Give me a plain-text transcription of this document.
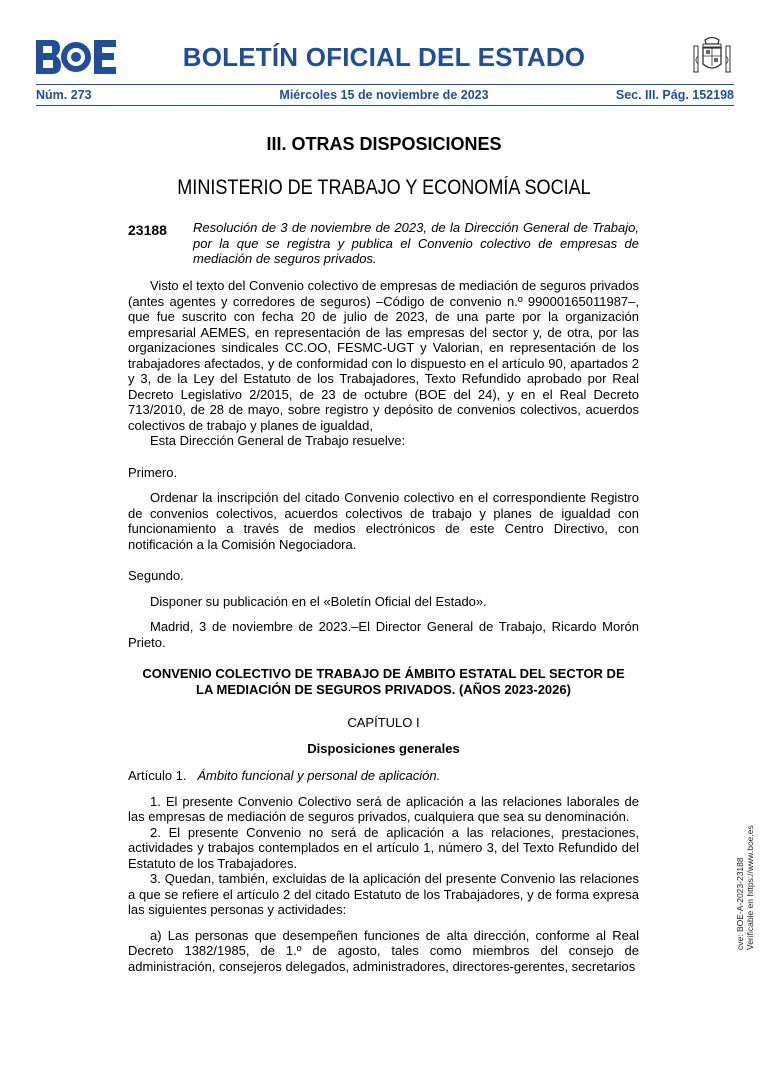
BOLETÍN OFICIAL DEL ESTADO
Núm. 273	Miércoles 15 de noviembre de 2023	Sec. III. Pág. 152198
III. OTRAS DISPOSICIONES
MINISTERIO DE TRABAJO Y ECONOMÍA SOCIAL
23188 Resolución de 3 de noviembre de 2023, de la Dirección General de Trabajo, por la que se registra y publica el Convenio colectivo de empresas de mediación de seguros privados.

Visto el texto del Convenio colectivo de empresas de mediación de seguros privados (antes agentes y corredores de seguros) –Código de convenio n.º 99000165011987–, que fue suscrito con fecha 20 de julio de 2023, de una parte por la organización empresarial AEMES, en representación de las empresas del sector y, de otra, por las organizaciones sindicales CC.OO, FESMC-UGT y Valorian, en representación de los trabajadores afectados, y de conformidad con lo dispuesto en el artículo 90, apartados 2 y 3, de la Ley del Estatuto de los Trabajadores, Texto Refundido aprobado por Real Decreto Legislativo 2/2015, de 23 de octubre (BOE del 24), y en el Real Decreto 713/2010, de 28 de mayo, sobre registro y depósito de convenios colectivos, acuerdos colectivos de trabajo y planes de igualdad,

Esta Dirección General de Trabajo resuelve:

Primero.

Ordenar la inscripción del citado Convenio colectivo en el correspondiente Registro de convenios colectivos, acuerdos colectivos de trabajo y planes de igualdad con funcionamiento a través de medios electrónicos de este Centro Directivo, con notificación a la Comisión Negociadora.

Segundo.

Disponer su publicación en el «Boletín Oficial del Estado».

Madrid, 3 de noviembre de 2023.–El Director General de Trabajo, Ricardo Morón Prieto.

CONVENIO COLECTIVO DE TRABAJO DE ÁMBITO ESTATAL DEL SECTOR DE LA MEDIACIÓN DE SEGUROS PRIVADOS. (AÑOS 2023-2026)

CAPÍTULO I

Disposiciones generales

Artículo 1. Ámbito funcional y personal de aplicación.

1. El presente Convenio Colectivo será de aplicación a las relaciones laborales de las empresas de mediación de seguros privados, cualquiera que sea su denominación.

2. El presente Convenio no será de aplicación a las relaciones, prestaciones, actividades y trabajos contemplados en el artículo 1, número 3, del Texto Refundido del Estatuto de los Trabajadores.

3. Quedan, también, excluidas de la aplicación del presente Convenio las relaciones a que se refiere el artículo 2 del citado Estatuto de los Trabajadores, y de forma expresa las siguientes personas y actividades:

a) Las personas que desempeñen funciones de alta dirección, conforme al Real Decreto 1382/1985, de 1.º de agosto, tales como miembros del consejo de administración, consejeros delegados, administradores, directores-gerentes, secretarios

cve: BOE-A-2023-23188 Verificable en https://www.boe.es
